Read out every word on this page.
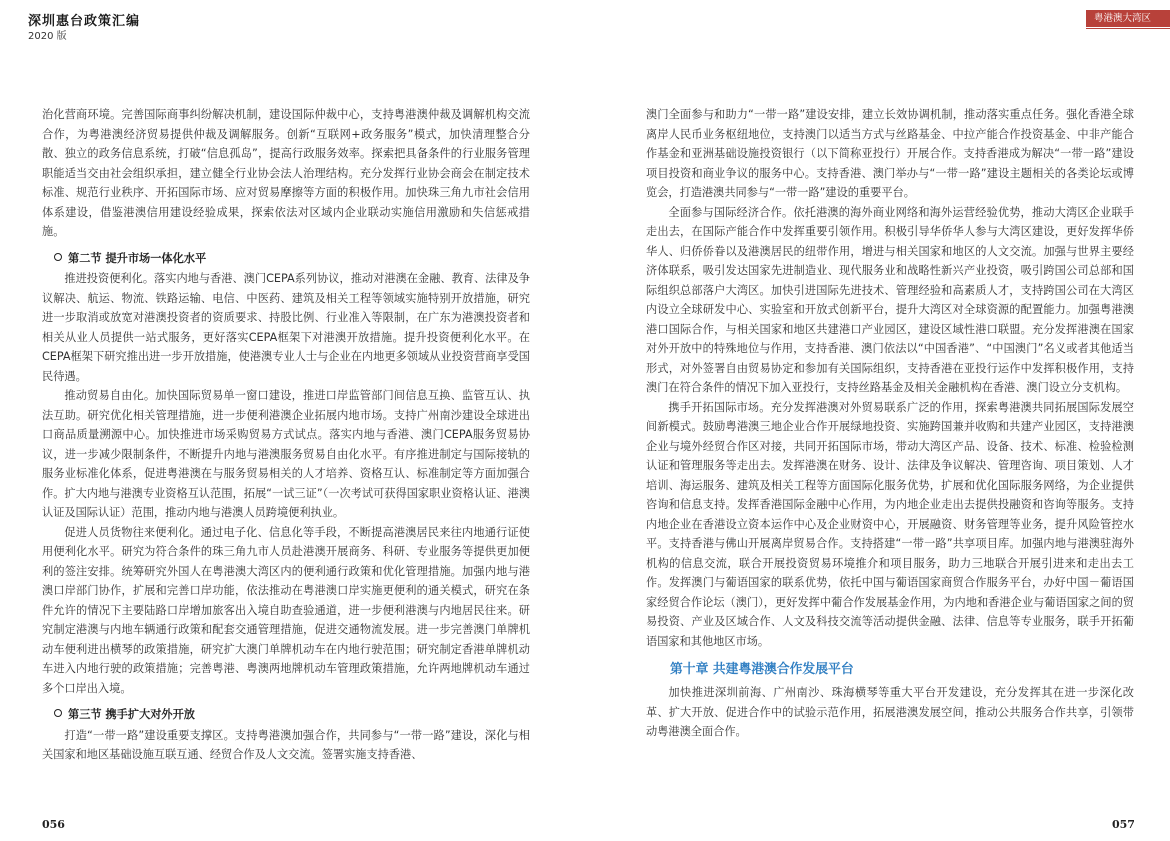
深圳惠台政策汇编
2020 版
粤港澳大湾区

治化营商环境。完善国际商事纠纷解决机制，建设国际仲裁中心，支持粤港澳仲裁及调解机构交流合作，为粤港澳经济贸易提供仲裁及调解服务。创新“互联网+政务服务”模式，加快清理整合分散、独立的政务信息系统，打破“信息孤岛”，提高行政服务效率。探索把具备条件的行业服务管理职能适当交由社会组织承担，建立健全行业协会法人治理结构。充分发挥行业协会商会在制定技术标准、规范行业秩序、开拓国际市场、应对贸易摩擦等方面的积极作用。加快珠三角九市社会信用体系建设，借鉴港澳信用建设经验成果，探索依法对区域内企业联动实施信用激励和失信惩戒措施。

第二节 提升市场一体化水平

推进投资便利化。落实内地与香港、澳门CEPA系列协议，推动对港澳在金融、教育、法律及争议解决、航运、物流、铁路运输、电信、中医药、建筑及相关工程等领域实施特别开放措施，研究进一步取消或放宽对港澳投资者的资质要求、持股比例、行业准入等限制，在广东为港澳投资者和相关从业人员提供一站式服务，更好落实CEPA框架下对港澳开放措施。提升投资便利化水平。在CEPA框架下研究推出进一步开放措施，使港澳专业人士与企业在内地更多领域从业投资营商享受国民待遇。

推动贸易自由化。加快国际贸易单一窗口建设，推进口岸监管部门间信息互换、监管互认、执法互助。研究优化相关管理措施，进一步便利港澳企业拓展内地市场。支持广州南沙建设全球进出口商品质量溯源中心。加快推进市场采购贸易方式试点。落实内地与香港、澳门CEPA服务贸易协议，进一步减少限制条件，不断提升内地与港澳服务贸易自由化水平。有序推进制定与国际接轨的服务业标准化体系，促进粤港澳在与服务贸易相关的人才培养、资格互认、标准制定等方面加强合作。扩大内地与港澳专业资格互认范围，拓展“一试三证”（一次考试可获得国家职业资格认证、港澳认证及国际认证）范围，推动内地与港澳人员跨境便利执业。

促进人员货物往来便利化。通过电子化、信息化等手段，不断提高港澳居民来往内地通行证使用便利化水平。研究为符合条件的珠三角九市人员赴港澳开展商务、科研、专业服务等提供更加便利的签注安排。统筹研究外国人在粤港澳大湾区内的便利通行政策和优化管理措施。加强内地与港澳口岸部门协作，扩展和完善口岸功能，依法推动在粤港澳口岸实施更便利的通关模式，研究在条件允许的情况下主要陆路口岸增加旅客出入境自助查验通道，进一步便利港澳与内地居民往来。研究制定港澳与内地车辆通行政策和配套交通管理措施，促进交通物流发展。进一步完善澳门单牌机动车便利进出横琴的政策措施，研究扩大澳门单牌机动车在内地行驶范围；研究制定香港单牌机动车进入内地行驶的政策措施；完善粤港、粤澳两地牌机动车管理政策措施，允许两地牌机动车通过多个口岸出入境。

第三节 携手扩大对外开放

打造“一带一路”建设重要支撑区。支持粤港澳加强合作，共同参与“一带一路”建设，深化与相关国家和地区基础设施互联互通、经贸合作及人文交流。签署实施支持香港、

澳门全面参与和助力“一带一路”建设安排，建立长效协调机制，推动落实重点任务。强化香港全球离岸人民币业务枢纽地位，支持澳门以适当方式与丝路基金、中拉产能合作投资基金、中非产能合作基金和亚洲基础设施投资银行（以下简称亚投行）开展合作。支持香港成为解决“一带一路”建设项目投资和商业争议的服务中心。支持香港、澳门举办与“一带一路”建设主题相关的各类论坛或博览会，打造港澳共同参与“一带一路”建设的重要平台。

全面参与国际经济合作。依托港澳的海外商业网络和海外运营经验优势，推动大湾区企业联手走出去，在国际产能合作中发挥重要引领作用。积极引导华侨华人参与大湾区建设，更好发挥华侨华人、归侨侨眷以及港澳居民的纽带作用，增进与相关国家和地区的人文交流。加强与世界主要经济体联系，吸引发达国家先进制造业、现代服务业和战略性新兴产业投资，吸引跨国公司总部和国际组织总部落户大湾区。加快引进国际先进技术、管理经验和高素质人才，支持跨国公司在大湾区内设立全球研发中心、实验室和开放式创新平台，提升大湾区对全球资源的配置能力。加强粤港澳港口国际合作，与相关国家和地区共建港口产业园区，建设区域性港口联盟。充分发挥港澳在国家对外开放中的特殊地位与作用，支持香港、澳门依法以“中国香港”、“中国澳门”名义或者其他适当形式，对外签署自由贸易协定和参加有关国际组织，支持香港在亚投行运作中发挥积极作用，支持澳门在符合条件的情况下加入亚投行，支持丝路基金及相关金融机构在香港、澳门设立分支机构。

携手开拓国际市场。充分发挥港澳对外贸易联系广泛的作用，探索粤港澳共同拓展国际发展空间新模式。鼓励粤港澳三地企业合作开展绿地投资、实施跨国兼并收购和共建产业园区，支持港澳企业与境外经贸合作区对接，共同开拓国际市场，带动大湾区产品、设备、技术、标准、检验检测认证和管理服务等走出去。发挥港澳在财务、设计、法律及争议解决、管理咨询、项目策划、人才培训、海运服务、建筑及相关工程等方面国际化服务优势，扩展和优化国际服务网络，为企业提供咨询和信息支持。发挥香港国际金融中心作用，为内地企业走出去提供投融资和咨询等服务。支持内地企业在香港设立资本运作中心及企业财资中心，开展融资、财务管理等业务，提升风险管控水平。支持香港与佛山开展离岸贸易合作。支持搭建“一带一路”共享项目库。加强内地与港澳驻海外机构的信息交流，联合开展投资贸易环境推介和项目服务，助力三地联合开展引进来和走出去工作。发挥澳门与葡语国家的联系优势，依托中国与葡语国家商贸合作服务平台，办好中国－葡语国家经贸合作论坛（澳门），更好发挥中葡合作发展基金作用，为内地和香港企业与葡语国家之间的贸易投资、产业及区域合作、人文及科技交流等活动提供金融、法律、信息等专业服务，联手开拓葡语国家和其他地区市场。

第十章 共建粤港澳合作发展平台

加快推进深圳前海、广州南沙、珠海横琴等重大平台开发建设，充分发挥其在进一步深化改革、扩大开放、促进合作中的试验示范作用，拓展港澳发展空间，推动公共服务合作共享，引领带动粤港澳全面合作。

056	057
